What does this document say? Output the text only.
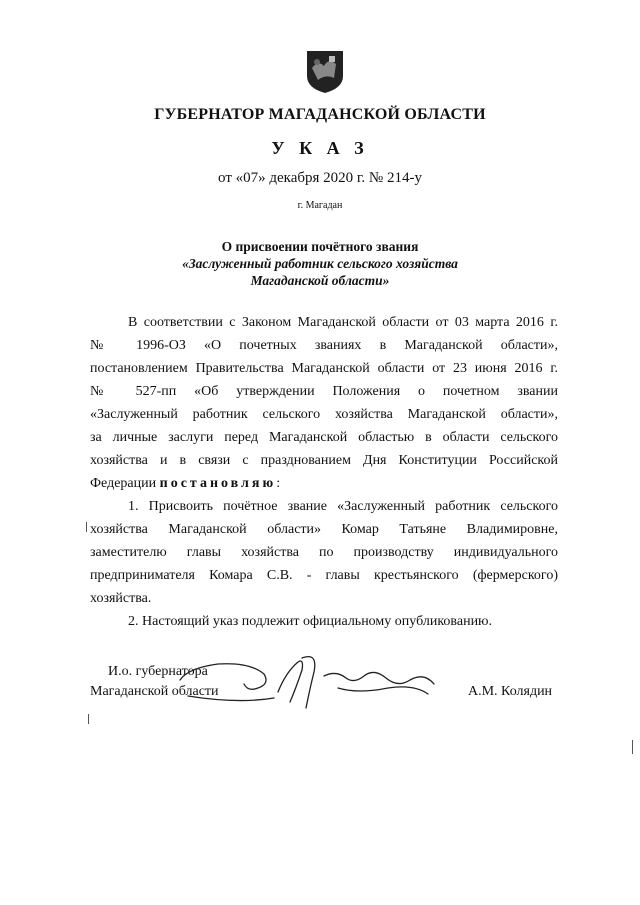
ГУБЕРНАТОР МАГАДАНСКОЙ ОБЛАСТИ
У К А З
от «07» декабря 2020 г. № 214-у
г. Магадан
О присвоении почётного звания
«Заслуженный работник сельского хозяйства
Магаданской области»
В соответствии с Законом Магаданской области от 03 марта 2016 г.
№ 1996-ОЗ «О почетных званиях в Магаданской области»,
постановлением Правительства Магаданской области от 23 июня 2016 г.
№ 527-пп «Об утверждении Положения о почетном звании
«Заслуженный работник сельского хозяйства Магаданской области»,
за личные заслуги перед Магаданской областью в области сельского
хозяйства и в связи с празднованием Дня Конституции Российской
Федерации постановляю:
1. Присвоить почётное звание «Заслуженный работник сельского
хозяйства Магаданской области» Комар Татьяне Владимировне,
заместителю главы хозяйства по производству индивидуального
предпринимателя Комара С.В. - главы крестьянского (фермерского)
хозяйства.
2. Настоящий указ подлежит официальному опубликованию.
И.о. губернатора
Магаданской области	А.М. Колядин
